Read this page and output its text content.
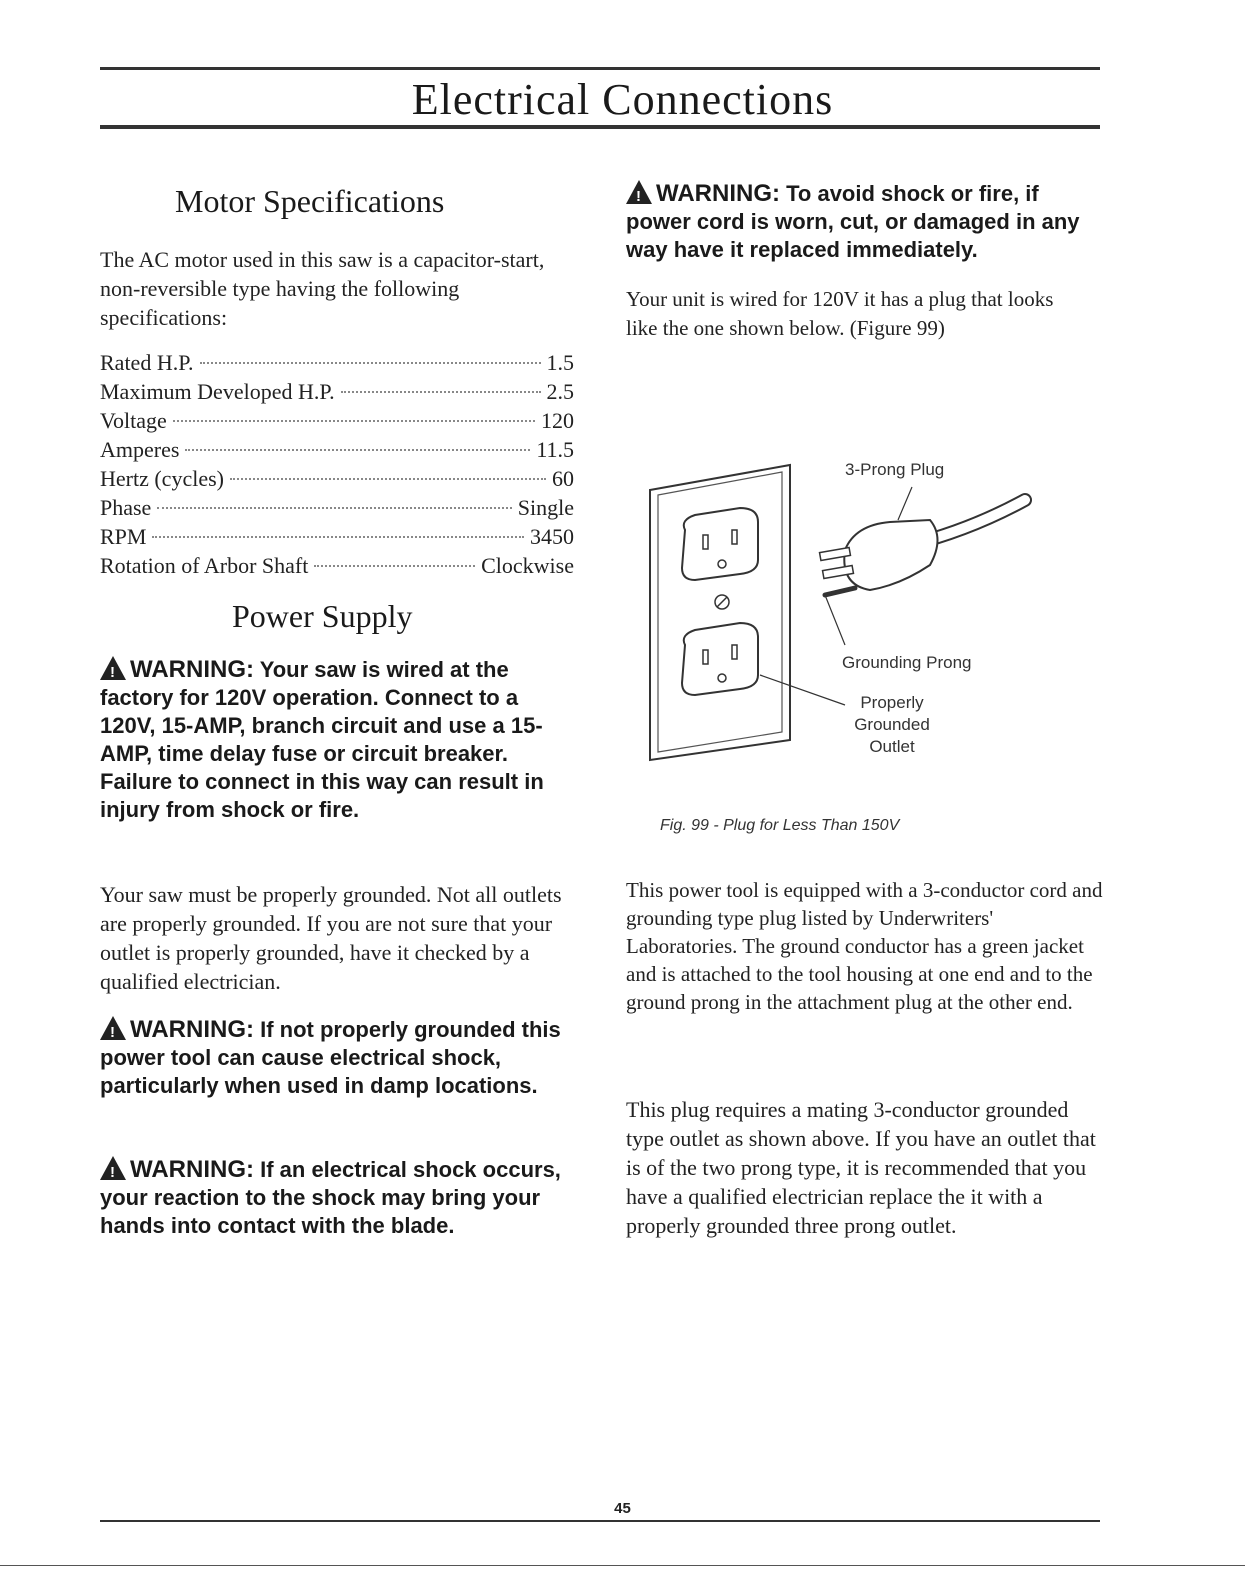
Electrical Connections
Motor Specifications
The AC motor used in this saw is a capacitor-start, non-reversible type having the following specifications:
Rated H.P.	1.5
Maximum Developed H.P.	2.5
Voltage	120
Amperes	11.5
Hertz (cycles)	60
Phase	Single
RPM	3450
Rotation of Arbor Shaft	Clockwise
Power Supply
!WARNING: Your saw is wired at the factory for 120V operation. Connect to a 120V, 15-AMP, branch circuit and use a 15-AMP, time delay fuse or circuit breaker. Failure to connect in this way can result in injury from shock or fire.
Your saw must be properly grounded. Not all outlets are properly grounded. If you are not sure that your outlet is properly grounded, have it checked by a qualified electrician.
!WARNING: If not properly grounded this power tool can cause electrical shock, particularly when used in damp locations.
!WARNING: If an electrical shock occurs, your reaction to the shock may bring your hands into contact with the blade.
!WARNING: To avoid shock or fire, if power cord is worn, cut, or damaged in any way have it replaced immediately.
Your unit is wired for 120V it has a plug that looks like the one shown below. (Figure 99)
3-Prong Plug
Grounding Prong
Properly Grounded Outlet
Fig. 99 - Plug for Less Than 150V
This power tool is equipped with a 3-conductor cord and grounding type plug listed by Underwriters' Laboratories. The ground conductor has a green jacket and is attached to the tool housing at one end and to the ground prong in the attachment plug at the other end.
This plug requires a mating 3-conductor grounded type outlet as shown above. If you have an outlet that is of the two prong type, it is recommended that you have a qualified electrician replace the it with a properly grounded three prong outlet.
45
